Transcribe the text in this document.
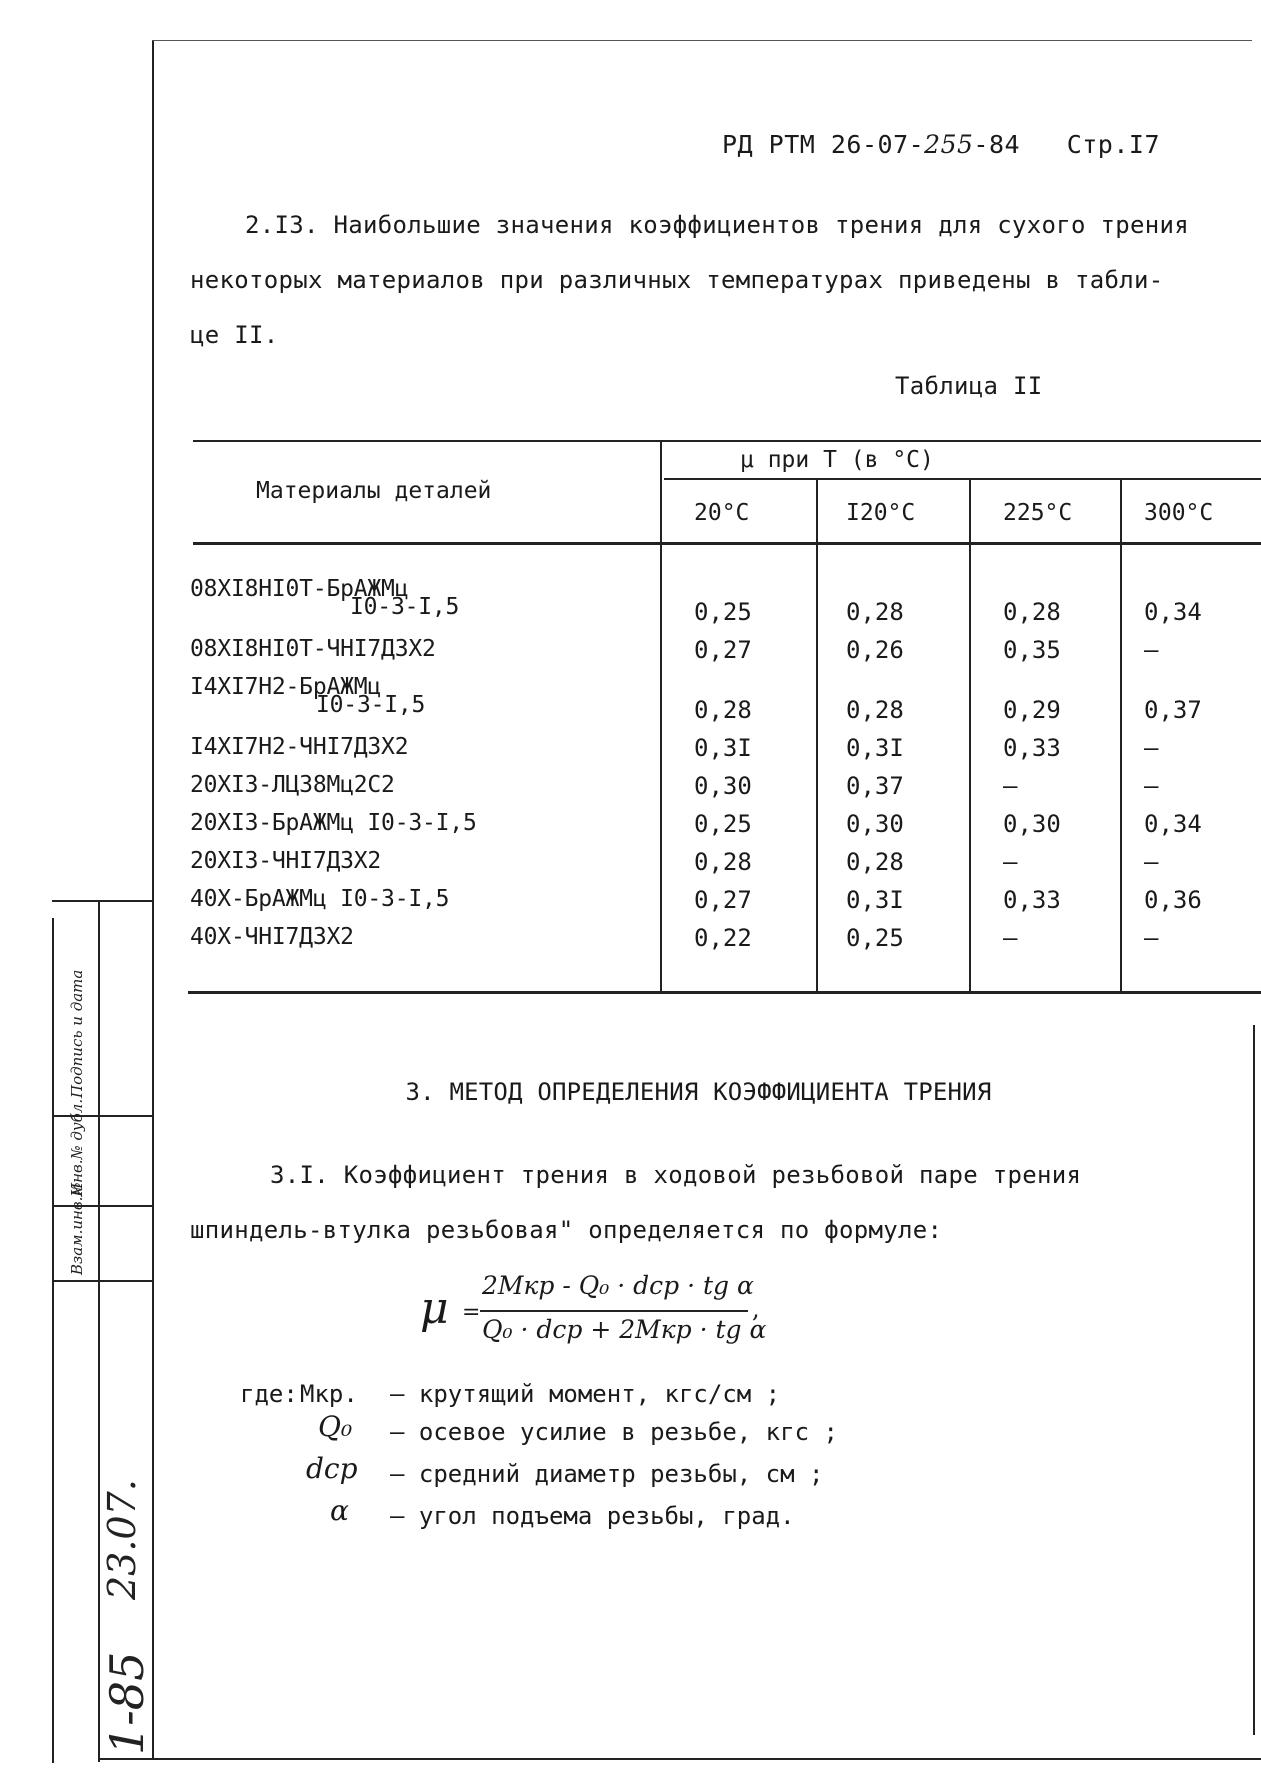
РД РТМ 26-07-255-84 Стр.I7
2.I3. Наибольшие значения коэффициентов трения для сухого трения
некоторых материалов при различных температурах приведены в табли-
це II.
Таблица II
Материалы деталей
μ при Т (в °С)
20°С	I20°С	225°С	300°С
08XI8HI0T-БрАЖМц
I0-3-I,5	0,25	0,28	0,28	0,34
08XI8HI0T-ЧНI7Д3X2	0,27	0,26	0,35	–
I4XI7H2-БрАЖМц
I0-3-I,5	0,28	0,28	0,29	0,37
I4XI7H2-ЧНI7Д3X2	0,3I	0,3I	0,33	–
20XI3-ЛЦ38Мц2С2	0,30	0,37	–	–
20XI3-БрАЖМц I0-3-I,5	0,25	0,30	0,30	0,34
20XI3-ЧНI7Д3X2	0,28	0,28	–	–
40X-БрАЖМц I0-3-I,5	0,27	0,3I	0,33	0,36
40X-ЧНI7Д3X2	0,22	0,25	–	–
3. МЕТОД ОПРЕДЕЛЕНИЯ КОЭФФИЦИЕНТА ТРЕНИЯ
3.I. Коэффициент трения в ходовой резьбовой паре трения
шпиндель-втулка резьбовая" определяется по формуле:
μ =
2Mкр - Q₀ · dср · tg α
Q₀ · dср + 2Mкр · tg α
,
где: Мкр. – крутящий момент, кгс/см ;
Q₀ – осевое усилие в резьбе, кгс ;
dср – средний диаметр резьбы, см ;
α – угол подъема резьбы, град.
Подпись и дата
Инв.№ дубл.
Взам.инв.№
23.07.
1-85
